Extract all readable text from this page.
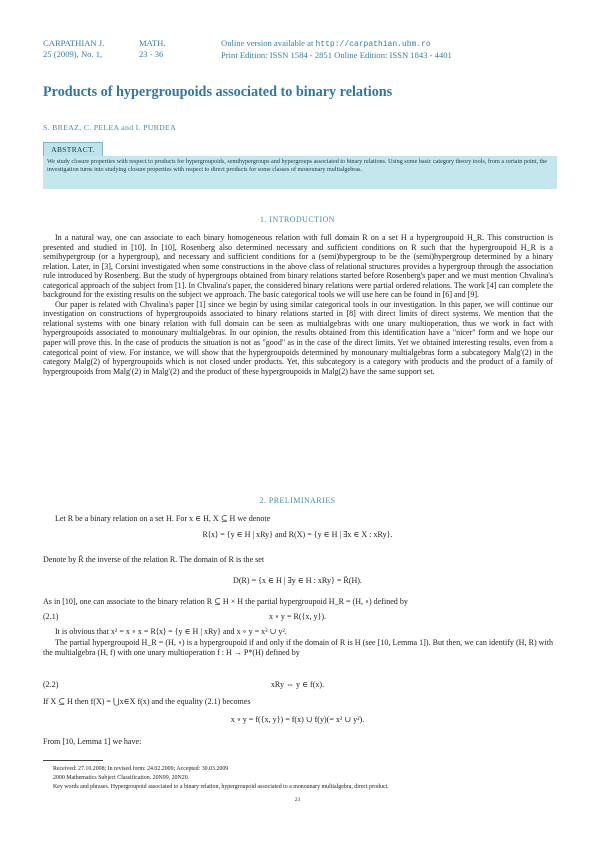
CARPATHIAN J.	MATH.
25 (2009), No. 1,	23 - 36
Online version available at http://carpathian.ubm.ro
Print Edition: ISSN 1584 - 2851 Online Edition: ISSN 1843 - 4401
Products of hypergroupoids associated to binary relations
S. BREAZ, C. PELEA and I. PURDEA
ABSTRACT.
We study closure properties with respect to products for hypergroupoids, semihypergroups and hypergroups associated to binary relations. Using some basic category theory tools, from a certain point, the investigation turns into studying closure properties with respect to direct products for some classes of monounary multialgebras.
1. INTRODUCTION

In a natural way, one can associate to each binary homogeneous relation with full domain R on a set H a hypergroupoid H_R. This construction is presented and studied in [10]. In [10], Rosenberg also determined necessary and sufficient conditions on R such that the hypergroupoid H_R is a semihypergroup (or a hypergroup), and necessary and sufficient conditions for a (semi)hypergroup to be the (semi)hypergroup determined by a binary relation. Later, in [3], Corsini investigated when some constructions in the above class of relational structures provides a hypergroup through the association rule introduced by Rosenberg. But the study of hypergroups obtained from binary relations started before Rosenberg's paper and we must mention Chvalina's categorical approach of the subject from [1]. In Chvalina's paper, the considered binary relations were partial ordered relations. The work [4] can complete the background for the existing results on the subject we approach. The basic categorical tools we will use here can be found in [6] and [9].

Our paper is related with Chvalina's paper [1] since we begin by using similar categorical tools in our investigation. In this paper, we will continue our investigation on constructions of hypergroupoids associated to binary relations started in [8] with direct limits of direct systems. We mention that the relational systems with one binary relation with full domain can be seen as multialgebras with one unary multioperation, thus we work in fact with hypergroupoids associated to monounary multialgebras. In our opinion, the results obtained from this identification have a "nicer" form and we hope our paper will prove this. In the case of products the situation is not as "good" as in the case of the direct limits. Yet we obtained interesting results, even from a categorical point of view. For instance, we will show that the hypergroupoids determined by monounary multialgebras form a subcategory Malg′(2) in the category Malg(2) of hypergroupoids which is not closed under products. Yet, this subcategory is a category with products and the product of a family of hypergroupoids from Malg′(2) in Malg′(2) and the product of these hypergroupoids in Malg(2) have the same support set.

2. PRELIMINARIES
Let R be a binary relation on a set H. For x ∈ H, X ⊆ H we denote
R⟨x⟩ = {y ∈ H | xRy} and R(X) = {y ∈ H | ∃x ∈ X : xRy}.
Denote by R̄ the inverse of the relation R. The domain of R is the set
D(R) = {x ∈ H | ∃y ∈ H : xRy} = R̄(H).
As in [10], one can associate to the binary relation R ⊆ H × H the partial hypergroupoid H_R = (H, ∘) defined by
(2.1)	x ∘ y = R({x, y}).
It is obvious that x² = x ∘ x = R⟨x⟩ = {y ∈ H | xRy} and x ∘ y = x² ∪ y².
The partial hypergroupoid H_R = (H, ∘) is a hypergroupoid if and only if the domain of R is H (see [10, Lemma 1]). But then, we can identify (H, R) with the multialgebra (H, f) with one unary multioperation f : H → P*(H) defined by
(2.2)	xRy ⇔ y ∈ f(x).
If X ⊆ H then f(X) = ⋃x∈X f(x) and the equality (2.1) becomes
x ∘ y = f({x, y}) = f(x) ∪ f(y)(= x² ∪ y²).
From [10, Lemma 1] we have:
Received: 27.10.2008; In revised form: 24.02.2009; Accepted: 30.03.2009
2000 Mathematics Subject Classification. 20N99, 20N20.
Key words and phrases. Hypergroupoid associated to a binary relation, hypergroupoid associated to a monounary multialgebra, direct product.
23
